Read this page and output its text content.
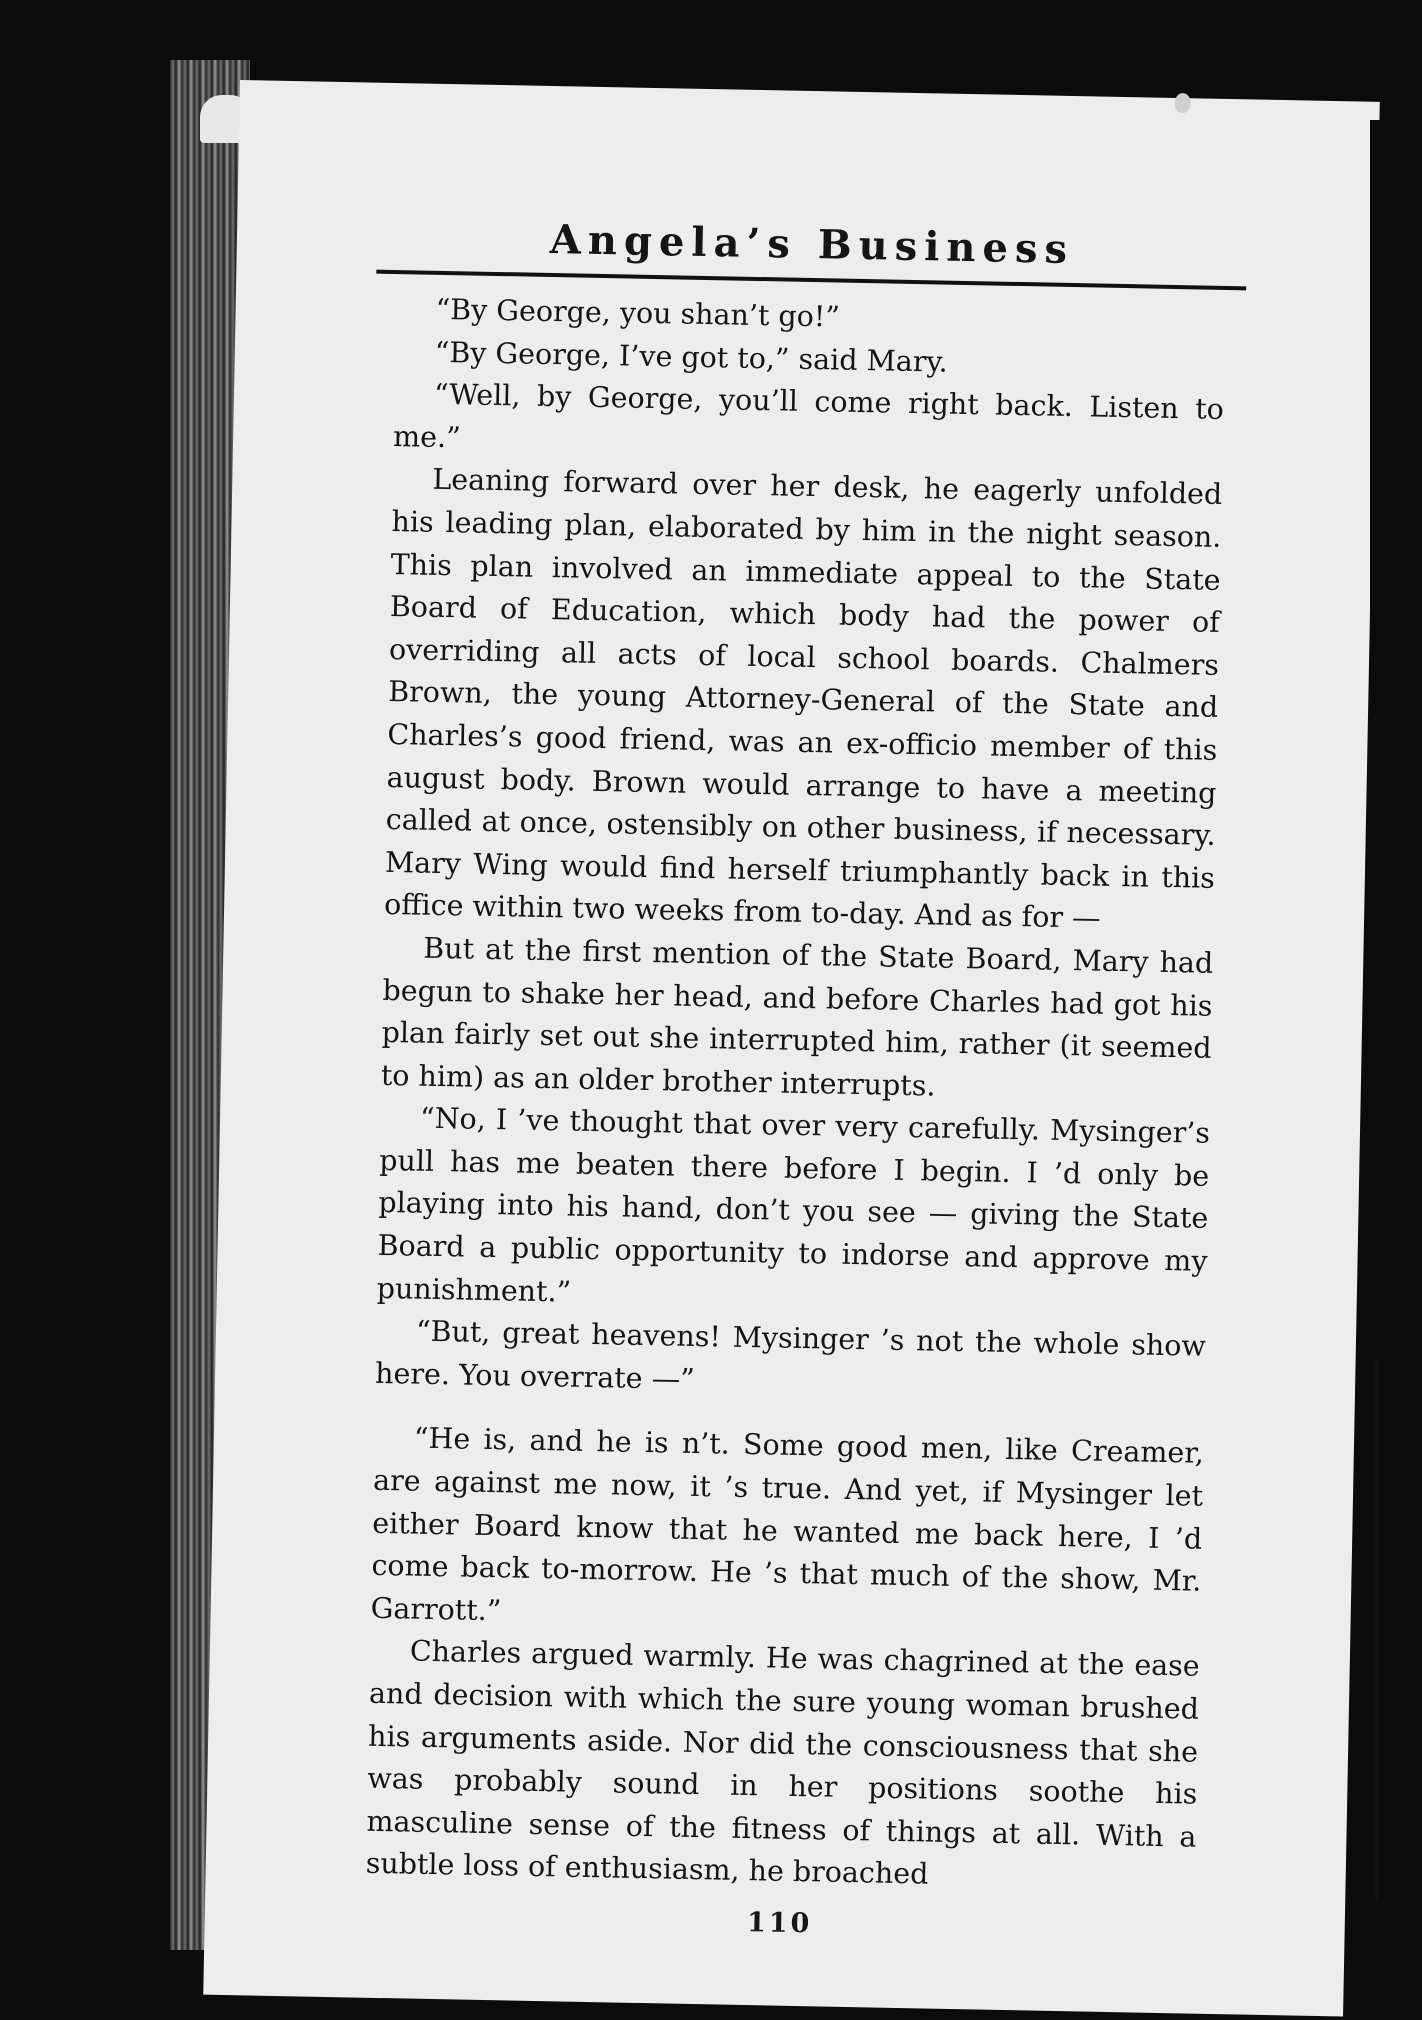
Angela’s Business

“By George, you shan’t go!”

“By George, I’ve got to,” said Mary.

“Well, by George, you’ll come right back. Listen to me.”

Leaning forward over her desk, he eagerly unfolded his leading plan, elaborated by him in the night season. This plan involved an immediate appeal to the State Board of Education, which body had the power of overriding all acts of local school boards. Chalmers Brown, the young Attorney-General of the State and Charles’s good friend, was an ex-officio member of this august body. Brown would arrange to have a meeting called at once, ostensibly on other business, if necessary. Mary Wing would find herself triumphantly back in this office within two weeks from to-day. And as for —

But at the first mention of the State Board, Mary had begun to shake her head, and before Charles had got his plan fairly set out she interrupted him, rather (it seemed to him) as an older brother interrupts.

“No, I ’ve thought that over very carefully. Mysinger’s pull has me beaten there before I begin. I ’d only be playing into his hand, don’t you see — giving the State Board a public opportunity to indorse and approve my punishment.”

“But, great heavens! Mysinger ’s not the whole show here. You overrate —”

“He is, and he is n’t. Some good men, like Creamer, are against me now, it ’s true. And yet, if Mysinger let either Board know that he wanted me back here, I ’d come back to-morrow. He ’s that much of the show, Mr. Garrott.”

Charles argued warmly. He was chagrined at the ease and decision with which the sure young woman brushed his arguments aside. Nor did the consciousness that she was probably sound in her positions soothe his masculine sense of the fitness of things at all. With a subtle loss of enthusiasm, he broached

110
